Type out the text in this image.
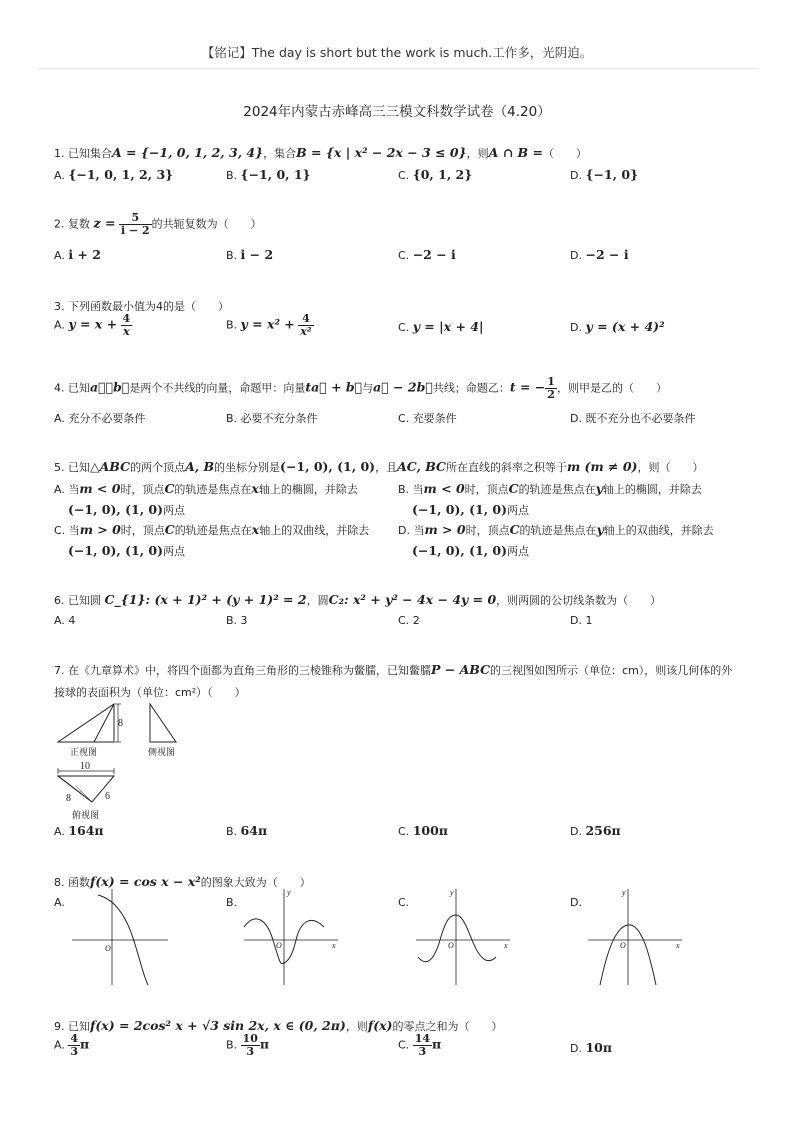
【铭记】The day is short but the work is much.工作多，光阴迫。
2024年内蒙古赤峰高三三模文科数学试卷（4.20）
1. 已知集合A = {−1, 0, 1, 2, 3, 4}，集合B = {x | x² − 2x − 3 ≤ 0}，则A ∩ B =（　　）
A. {−1, 0, 1, 2, 3}	B. {−1, 0, 1}	C. {0, 1, 2}	D. {−1, 0}
2. 复数 $z = \frac{5}{i - 2}$ 的共轭复数为（　　）
A. i + 2	B. i − 2	C. −2 − i	D. −2 − i
3. 下列函数最小值为4的是（　　）
A. $y = x + \frac{4}{x}$	B. $y = x^2 + \frac{4}{\text{x²}}$	C. y = |x + 4|	D. y = (x + 4)²
4. 已知a⃗，b⃗是两个不共线的向量，命题甲：向量ta⃗ + b⃗与a⃗ − 2b⃗共线；命题乙：t = − $\frac{1}{2}$ ，则甲是乙的（　　）
A. 充分不必要条件	B. 必要不充分条件	C. 充要条件	D. 既不充分也不必要条件
5. 已知△ABC的两个顶点A, B的坐标分别是(−1, 0), (1, 0)，且AC, BC所在直线的斜率之积等于m (m ≠ 0)，则（　　）
A. 当m < 0时，顶点C的轨迹是焦点在x轴上的椭圆，并除去
(−1, 0), (1, 0)两点
B. 当m < 0时，顶点C的轨迹是焦点在y轴上的椭圆，并除去
(−1, 0), (1, 0)两点
C. 当m > 0时，顶点C的轨迹是焦点在x轴上的双曲线，并除去
(−1, 0), (1, 0)两点
D. 当m > 0时，顶点C的轨迹是焦点在y轴上的双曲线，并除去
(−1, 0), (1, 0)两点
6. 已知圆 C_{1}: (x + 1)² + (y + 1)² = 2，圆C₂: x² + y² − 4x − 4y = 0，则两圆的公切线条数为（　　）
A. 4	B. 3	C. 2	D. 1
7. 在《九章算术》中，将四个面都为直角三角形的三棱锥称为鳖臑，已知鳖臑P − ABC的三视图如图所示（单位：cm），则该几何体的外
接球的表面积为（单位：cm²）（　　）
8
正视图	侧视图
10
8	6
俯视图
A. 164π	B. 64π	C. 100π	D. 256π
8. 函数f(x) = cos x − x²的图象大致为（　　）
A.	B.	C.	D.
O	O	x
y
O	x
y
O	x
y
9. 已知f(x) = 2cos² x + √3 sin 2x, x ∈ (0, 2π)，则f(x)的零点之和为（　　）
A. $\frac{4}{3}$ π	B. $\frac{10}{3}$ π	C. $\frac{14}{3}$ π	D. 10π
